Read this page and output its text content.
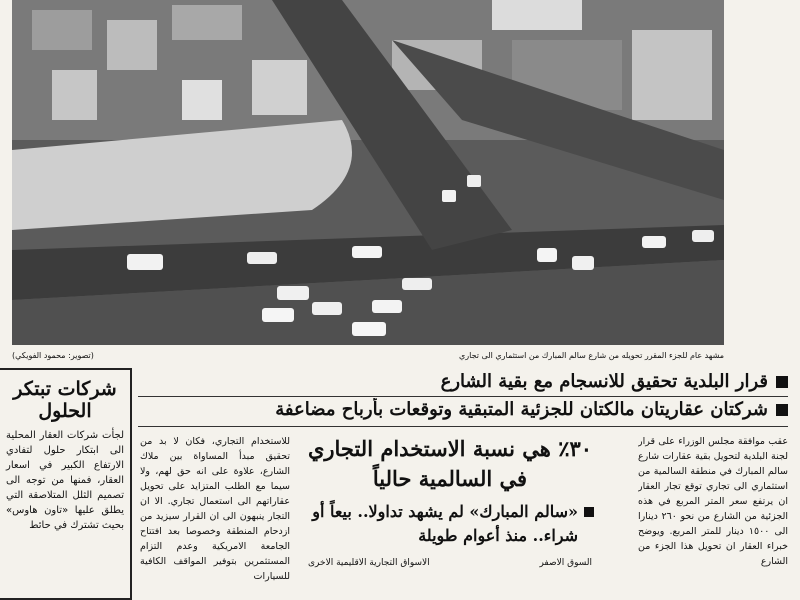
(تصوير: محمود الفويكي)	مشهد عام للجزء المقرر تحويله من شارع سالم المبارك من استثماري الى تجاري
شركات تبتكر الحلول
لجأت شركات العقار المحلية الى ابتكار حلول لتفادي الارتفاع الكبير في اسعار العقار، فمنها من توجه الى تصميم الثلل المتلاصقة التي يطلق عليها «تاون هاوس» بحيث تشترك في حائط
قرار البلدية تحقيق للانسجام مع بقية الشارع
شركتان عقاريتان مالكتان للجزئية المتبقية وتوقعات بأرباح مضاعفة
عقب موافقة مجلس الوزراء على قرار لجنة البلدية لتحويل بقية عقارات شارع سالم المبارك في منطقة السالمية من استثماري الى تجاري توقع تجار العقار ان يرتفع سعر المتر المربع في هذه الجزئية من الشارع من نحو ٢٦٠ دينارا الى ١٥٠٠ دينار للمتر المربع. ويوضح خبراء العقار ان تحويل هذا الجزء من الشارع
٣٠٪ هي نسبة الاستخدام التجاري في السالمية حالياً
«سالم المبارك» لم يشهد تداولا.. بيعاً أو شراء.. منذ أعوام طويلة
السوق الاصفر
الاسواق التجارية الاقليمية الاخرى
للاستخدام التجاري، فكان لا بد من تحقيق مبدأ المساواة بين ملاك الشارع، علاوة على انه حق لهم، ولا سيما مع الطلب المتزايد على تحويل عقاراتهم الى استعمال تجاري. الا ان التجار ينبهون الى ان القرار سيزيد من ازدحام المنطقة وخصوصا بعد افتتاح الجامعة الامريكية وعدم التزام المستثمرين بتوفير المواقف الكافية للسيارات
